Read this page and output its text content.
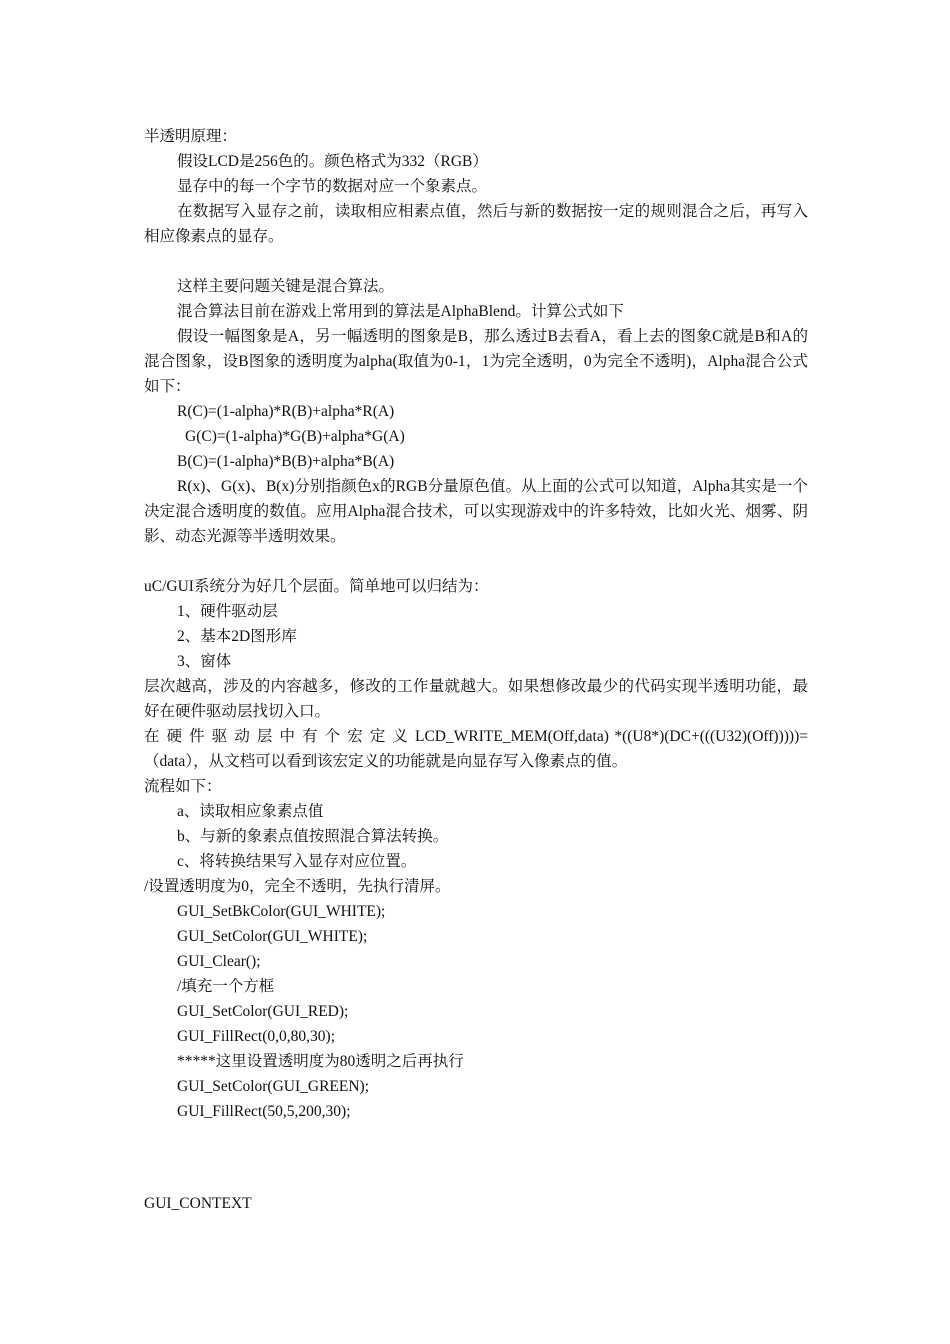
半透明原理：
假设LCD是256色的。颜色格式为332（RGB）
显存中的每一个字节的数据对应一个象素点。
在数据写入显存之前，读取相应相素点值，然后与新的数据按一定的规则混合之后，再写入相应像素点的显存。
这样主要问题关键是混合算法。
混合算法目前在游戏上常用到的算法是AlphaBlend。计算公式如下
假设一幅图象是A，另一幅透明的图象是B，那么透过B去看A，看上去的图象C就是B和A的混合图象，设B图象的透明度为alpha(取值为0-1，1为完全透明，0为完全不透明)，Alpha混合公式如下：
R(C)=(1-alpha)*R(B)+alpha*R(A)
G(C)=(1-alpha)*G(B)+alpha*G(A)
B(C)=(1-alpha)*B(B)+alpha*B(A)
R(x)、G(x)、B(x)分别指颜色x的RGB分量原色值。从上面的公式可以知道，Alpha其实是一个决定混合透明度的数值。应用Alpha混合技术，可以实现游戏中的许多特效，比如火光、烟雾、阴影、动态光源等半透明效果。
uC/GUI系统分为好几个层面。简单地可以归结为：
1、硬件驱动层
2、基本2D图形库
3、窗体
层次越高，涉及的内容越多，修改的工作量就越大。如果想修改最少的代码实现半透明功能，最好在硬件驱动层找切入口。
在 硬 件 驱 动 层 中 有 个 宏 定 义 LCD_WRITE_MEM(Off,data) *((U8*)(DC+(((U32)(Off)))))=（data），从文档可以看到该宏定义的功能就是向显存写入像素点的值。
流程如下：
a、读取相应象素点值
b、与新的象素点值按照混合算法转换。
c、将转换结果写入显存对应位置。
/设置透明度为0，完全不透明，先执行清屏。
GUI_SetBkColor(GUI_WHITE);
GUI_SetColor(GUI_WHITE);
GUI_Clear();
/填充一个方框
GUI_SetColor(GUI_RED);
GUI_FillRect(0,0,80,30);
*****这里设置透明度为80透明之后再执行
GUI_SetColor(GUI_GREEN);
GUI_FillRect(50,5,200,30);
GUI_CONTEXT
